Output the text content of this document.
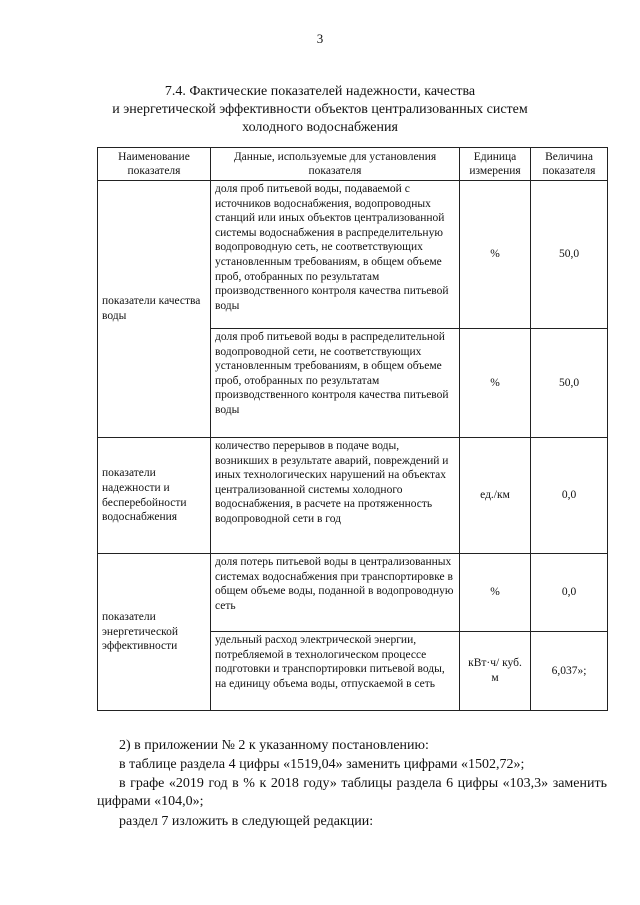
3
7.4. Фактические показателей надежности, качества
и энергетической эффективности объектов централизованных систем
холодного водоснабжения
Наименование показателя	Данные, используемые для установления показателя	Единица измерения	Величина показателя
показатели качества воды	доля проб питьевой воды, подаваемой с источников водоснабжения, водопроводных станций или иных объектов централизованной системы водоснабжения в распределительную водопроводную сеть, не соответствующих установленным требованиям, в общем объеме проб, отобранных по результатам производственного контроля качества питьевой воды	%	50,0
	доля проб питьевой воды в распределительной водопроводной сети, не соответствующих установленным требованиям, в общем объеме проб, отобранных по результатам производственного контроля качества питьевой воды	%	50,0
показатели надежности и бесперебойности водоснабжения	количество перерывов в подаче воды, возникших в результате аварий, повреждений и иных технологических нарушений на объектах централизованной системы холодного водоснабжения, в расчете на протяженность водопроводной сети в год	ед./км	0,0
показатели энергетической эффективности	доля потерь питьевой воды в централизованных системах водоснабжения при транспортировке в общем объеме воды, поданной в водопроводную сеть	%	0,0
	удельный расход электрической энергии, потребляемой в технологическом процессе подготовки и транспортировки питьевой воды, на единицу объема воды, отпускаемой в сеть	кВт·ч/ куб. м	6,037»;
2) в приложении № 2 к указанному постановлению:
в таблице раздела 4 цифры «1519,04» заменить цифрами «1502,72»;
в графе «2019 год в % к 2018 году» таблицы раздела 6 цифры «103,3» заменить цифрами «104,0»;
раздел 7 изложить в следующей редакции:
